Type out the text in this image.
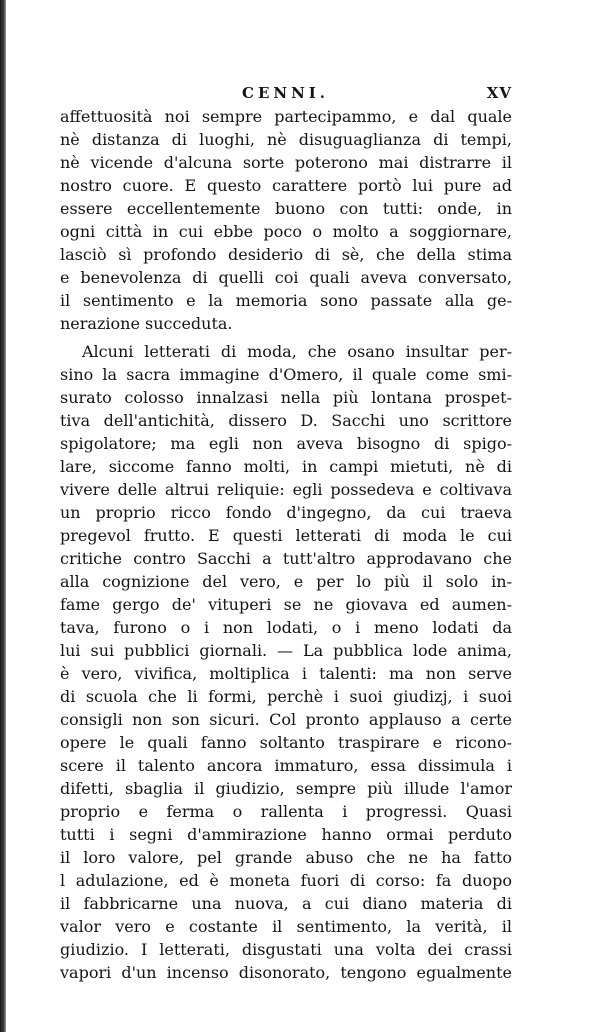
CENNI.	XV
affettuosità noi sempre partecipammo, e dal quale
nè distanza di luoghi, nè disuguaglianza di tempi,
nè vicende d'alcuna sorte poterono mai distrarre il
nostro cuore. E questo carattere portò lui pure ad
essere eccellentemente buono con tutti: onde, in
ogni città in cui ebbe poco o molto a soggiornare,
lasciò sì profondo desiderio di sè, che della stima
e benevolenza di quelli coi quali aveva conversato,
il sentimento e la memoria sono passate alla ge-
nerazione succeduta.
Alcuni letterati di moda, che osano insultar per-
sino la sacra immagine d'Omero, il quale come smi-
surato colosso innalzasi nella più lontana prospet-
tiva dell'antichità, dissero D. Sacchi uno scrittore
spigolatore; ma egli non aveva bisogno di spigo-
lare, siccome fanno molti, in campi mietuti, nè di
vivere delle altrui reliquie: egli possedeva e coltivava
un proprio ricco fondo d'ingegno, da cui traeva
pregevol frutto. E questi letterati di moda le cui
critiche contro Sacchi a tutt'altro approdavano che
alla cognizione del vero, e per lo più il solo in-
fame gergo de' vituperi se ne giovava ed aumen-
tava, furono o i non lodati, o i meno lodati da
lui sui pubblici giornali. — La pubblica lode anima,
è vero, vivifica, moltiplica i talenti: ma non serve
di scuola che li formi, perchè i suoi giudizj, i suoi
consigli non son sicuri. Col pronto applauso a certe
opere le quali fanno soltanto traspirare e ricono-
scere il talento ancora immaturo, essa dissimula i
difetti, sbaglia il giudizio, sempre più illude l'amor
proprio e ferma o rallenta i progressi. Quasi
tutti i segni d'ammirazione hanno ormai perduto
il loro valore, pel grande abuso che ne ha fatto
l adulazione, ed è moneta fuori di corso: fa duopo
il fabbricarne una nuova, a cui diano materia di
valor vero e costante il sentimento, la verità, il
giudizio. I letterati, disgustati una volta dei crassi
vapori d'un incenso disonorato, tengono egualmente
